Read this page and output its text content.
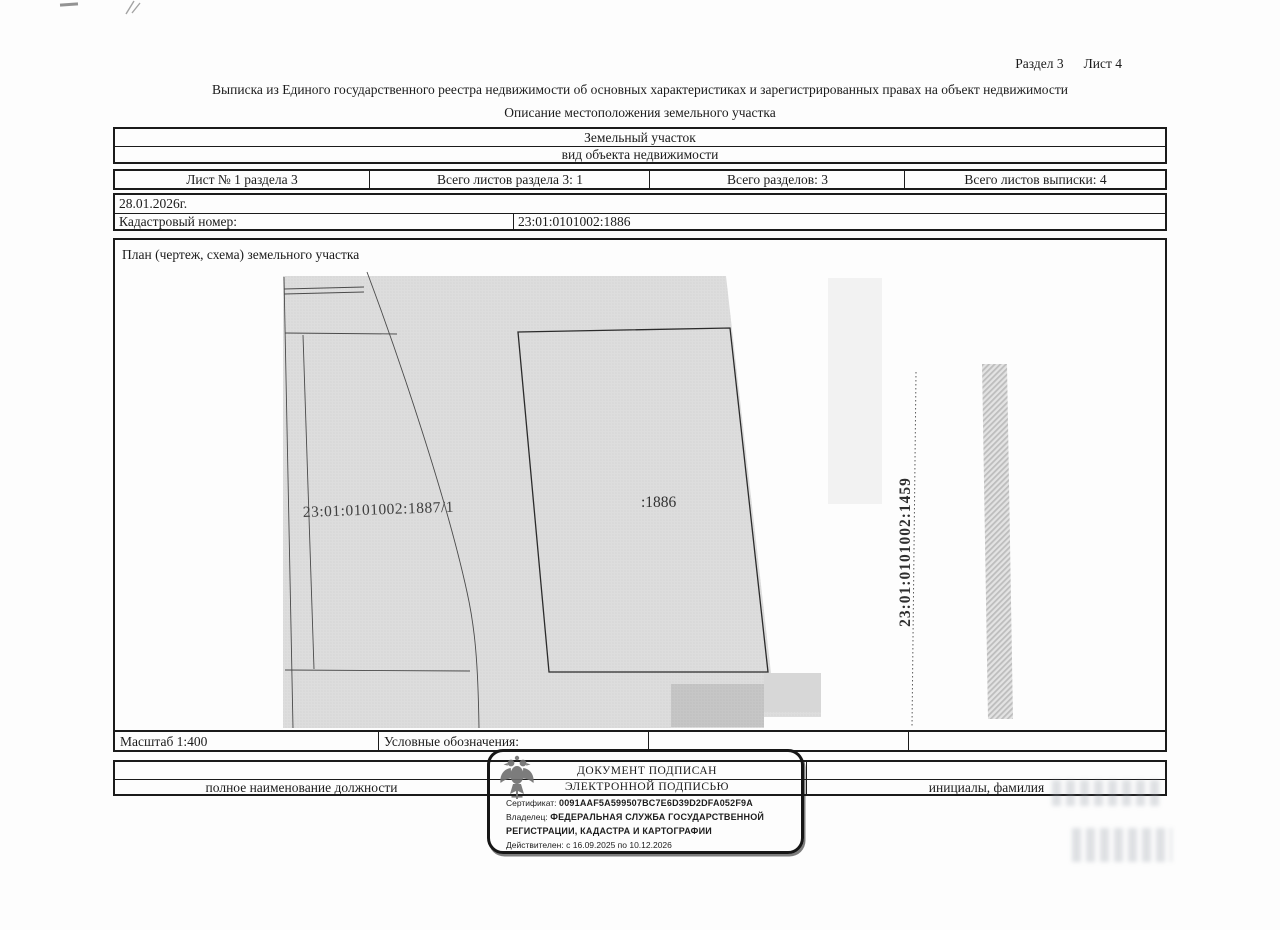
Раздел 3 Лист 4
Выписка из Единого государственного реестра недвижимости об основных характеристиках и зарегистрированных правах на объект недвижимости
Описание местоположения земельного участка
Земельный участок
вид объекта недвижимости
Лист № 1 раздела 3	Всего листов раздела 3: 1	Всего разделов: 3	Всего листов выписки: 4
28.01.2026г.
Кадастровый номер:	23:01:0101002:1886
План (чертеж, схема) земельного участка
23:01:0101002:1887/1	:1886	23:01:0101002:1459
Масштаб 1:400	Условные обозначения:
ДОКУМЕНТ ПОДПИСАН
полное наименование должности	ЭЛЕКТРОННОЙ ПОДПИСЬЮ	инициалы, фамилия
Сертификат: 0091AAF5A599507BC7E6D39D2DFA052F9A
Владелец: ФЕДЕРАЛЬНАЯ СЛУЖБА ГОСУДАРСТВЕННОЙ
РЕГИСТРАЦИИ, КАДАСТРА И КАРТОГРАФИИ
Действителен: с 16.09.2025 по 10.12.2026
